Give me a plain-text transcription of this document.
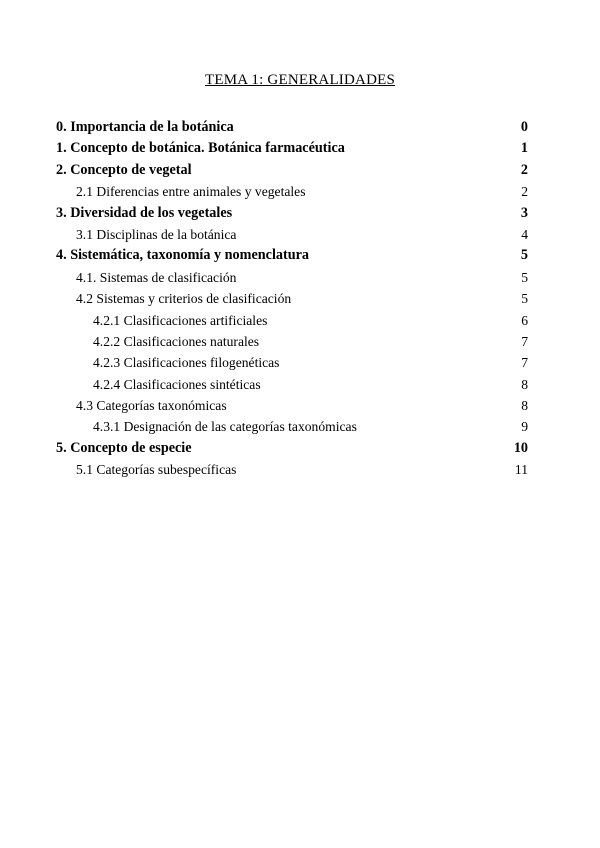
TEMA 1: GENERALIDADES
0. Importancia de la botánica	0
1. Concepto de botánica. Botánica farmacéutica	1
2. Concepto de vegetal	2
2.1 Diferencias entre animales y vegetales	2
3. Diversidad de los vegetales	3
3.1 Disciplinas de la botánica	4
4. Sistemática, taxonomía y nomenclatura	5
4.1. Sistemas de clasificación	5
4.2 Sistemas y criterios de clasificación	5
4.2.1 Clasificaciones artificiales	6
4.2.2 Clasificaciones naturales	7
4.2.3 Clasificaciones filogenéticas	7
4.2.4 Clasificaciones sintéticas	8
4.3 Categorías taxonómicas	8
4.3.1 Designación de las categorías taxonómicas	9
5. Concepto de especie	10
5.1 Categorías subespecíficas	11
